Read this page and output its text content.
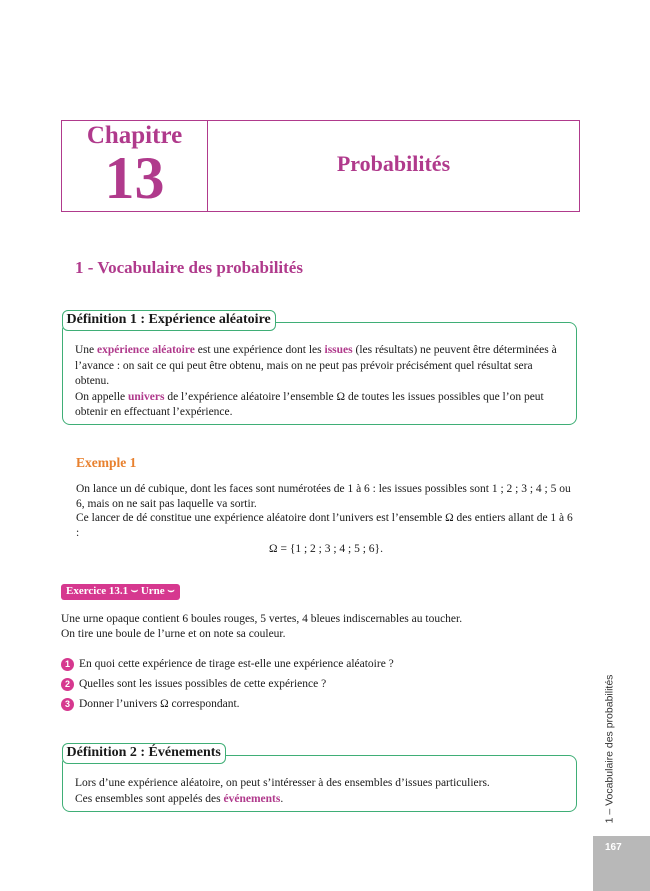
Chapitre
13	Probabilités
1 - Vocabulaire des probabilités
Définition 1 : Expérience aléatoire
Une expérience aléatoire est une expérience dont les issues (les résultats) ne peuvent être déterminées à l’avance : on sait ce qui peut être obtenu, mais on ne peut pas prévoir précisément quel résultat sera obtenu.
On appelle univers de l’expérience aléatoire l’ensemble Ω de toutes les issues possibles que l’on peut obtenir en effectuant l’expérience.
Exemple 1
On lance un dé cubique, dont les faces sont numérotées de 1 à 6 : les issues possibles sont 1 ; 2 ; 3 ; 4 ; 5 ou 6, mais on ne sait pas laquelle va sortir.
Ce lancer de dé constitue une expérience aléatoire dont l’univers est l’ensemble Ω des entiers allant de 1 à 6 :
Ω = {1 ; 2 ; 3 ; 4 ; 5 ; 6}.
Exercice 13.1 ⌣ Urne ⌣
Une urne opaque contient 6 boules rouges, 5 vertes, 4 bleues indiscernables au toucher.
On tire une boule de l’urne et on note sa couleur.
1 En quoi cette expérience de tirage est-elle une expérience aléatoire ?
2 Quelles sont les issues possibles de cette expérience ?
3 Donner l’univers Ω correspondant.
Définition 2 : Événements
Lors d’une expérience aléatoire, on peut s’intéresser à des ensembles d’issues particuliers.
Ces ensembles sont appelés des événements.	1 – Vocabulaire des probabilités
167
